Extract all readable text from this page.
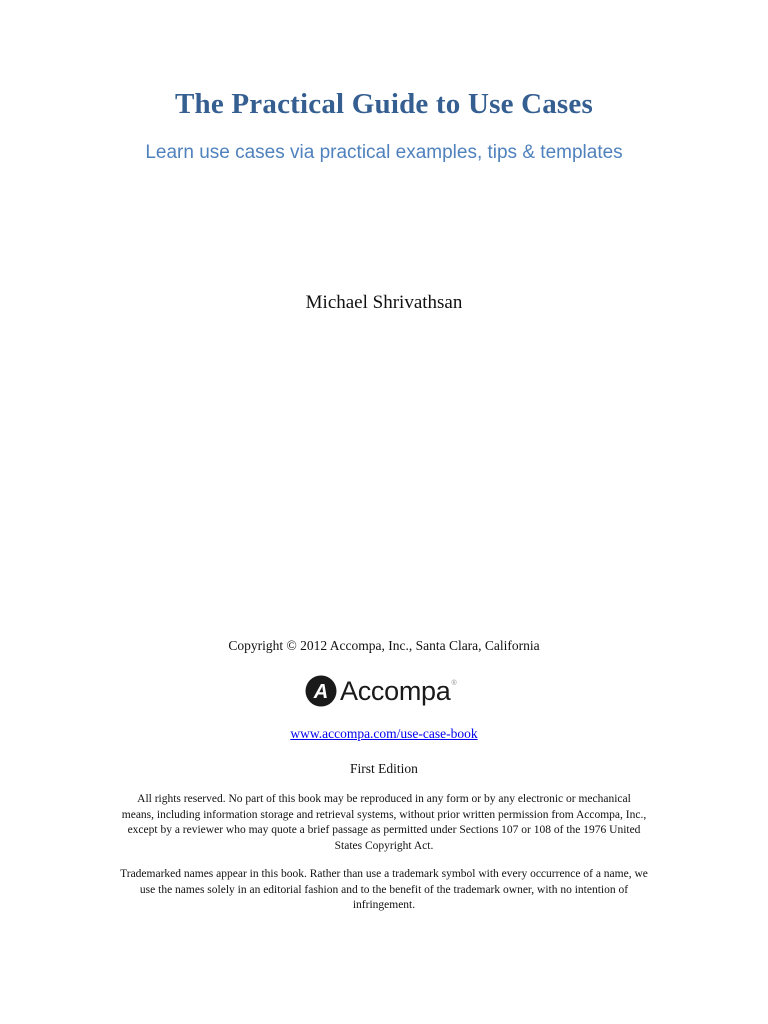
The Practical Guide to Use Cases
Learn use cases via practical examples, tips & templates
Michael Shrivathsan
Copyright © 2012 Accompa, Inc., Santa Clara, California
A Accompa ®
www.accompa.com/use-case-book
First Edition
All rights reserved. No part of this book may be reproduced in any form or by any electronic or mechanical means, including information storage and retrieval systems, without prior written permission from Accompa, Inc., except by a reviewer who may quote a brief passage as permitted under Sections 107 or 108 of the 1976 United States Copyright Act.
Trademarked names appear in this book. Rather than use a trademark symbol with every occurrence of a name, we use the names solely in an editorial fashion and to the benefit of the trademark owner, with no intention of infringement.
